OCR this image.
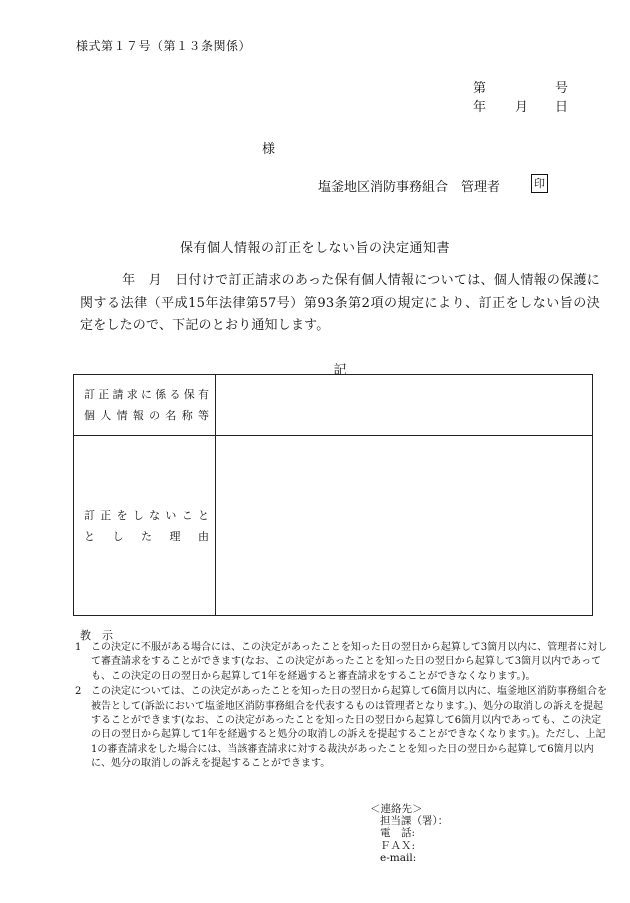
様式第１７号（第１３条関係）
第	号
年 月 日
様
塩釜地区消防事務組合　管理者	印
保有個人情報の訂正をしない旨の決定通知書
年　月　日付けで訂正請求のあった保有個人情報については、個人情報の保護に関する法律（平成15年法律第57号）第93条第2項の規定により、訂正をしない旨の決定をしたので、下記のとおり通知します。
記
訂正請求に係る保有
個人情報の名称等	

訂正をしないこと
とした理由	

教　示
1 この決定に不服がある場合には、この決定があったことを知った日の翌日から起算して3箇月以内に、管理者に対して審査請求をすることができます(なお、この決定があったことを知った日の翌日から起算して3箇月以内であっても、この決定の日の翌日から起算して1年を経過すると審査請求をすることができなくなります。)。
2 この決定については、この決定があったことを知った日の翌日から起算して6箇月以内に、塩釜地区消防事務組合を被告として(訴訟において塩釜地区消防事務組合を代表するものは管理者となります。)、処分の取消しの訴えを提起することができます(なお、この決定があったことを知った日の翌日から起算して6箇月以内であっても、この決定の日の翌日から起算して1年を経過すると処分の取消しの訴えを提起することができなくなります。)。ただし、上記1の審査請求をした場合には、当該審査請求に対する裁決があったことを知った日の翌日から起算して6箇月以内に、処分の取消しの訴えを提起することができます。
＜連絡先＞
担当課（署）：
電　話:
ＦＡＸ:
e-mail:
